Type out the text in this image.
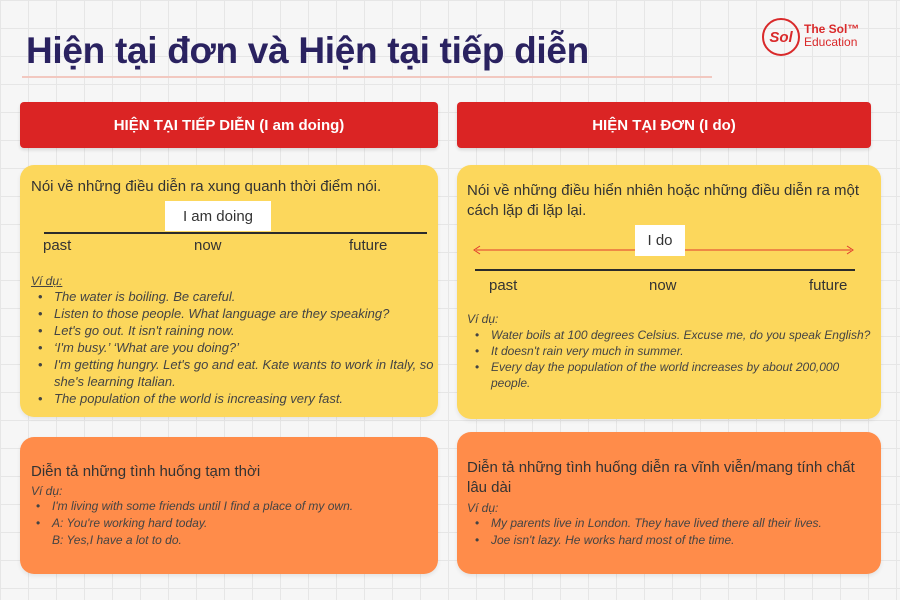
Hiện tại đơn và Hiện tại tiếp diễn	Sol The Sol™
Education
HIỆN TẠI TIẾP DIỄN (I am doing)	HIỆN TẠI ĐƠN (I do)
Nói về những điều diễn ra xung quanh thời điểm nói.
I am doing
past	now	future
Ví dụ:
• The water is boiling. Be careful.
• Listen to those people. What language are they speaking?
• Let's go out. It isn't raining now.
• ‘I'm busy.’ ‘What are you doing?’
• I'm getting hungry. Let's go and eat. Kate wants to work in Italy, so she's learning Italian.
• The population of the world is increasing very fast.
Nói về những điều hiển nhiên hoặc những điều diễn ra một cách lặp đi lặp lại.
I do
past	now	future
Ví dụ:
• Water boils at 100 degrees Celsius. Excuse me, do you speak English?
• It doesn't rain very much in summer.
• Every day the population of the world increases by about 200,000 people.
Diễn tả những tình huống tạm thời
Ví dụ:
• I'm living with some friends until I find a place of my own.
• A: You're working hard today.
B: Yes,I have a lot to do.
Diễn tả những tình huống diễn ra vĩnh viễn/mang tính chất lâu dài
Ví dụ:
• My parents live in London. They have lived there all their lives.
• Joe isn't lazy. He works hard most of the time.
